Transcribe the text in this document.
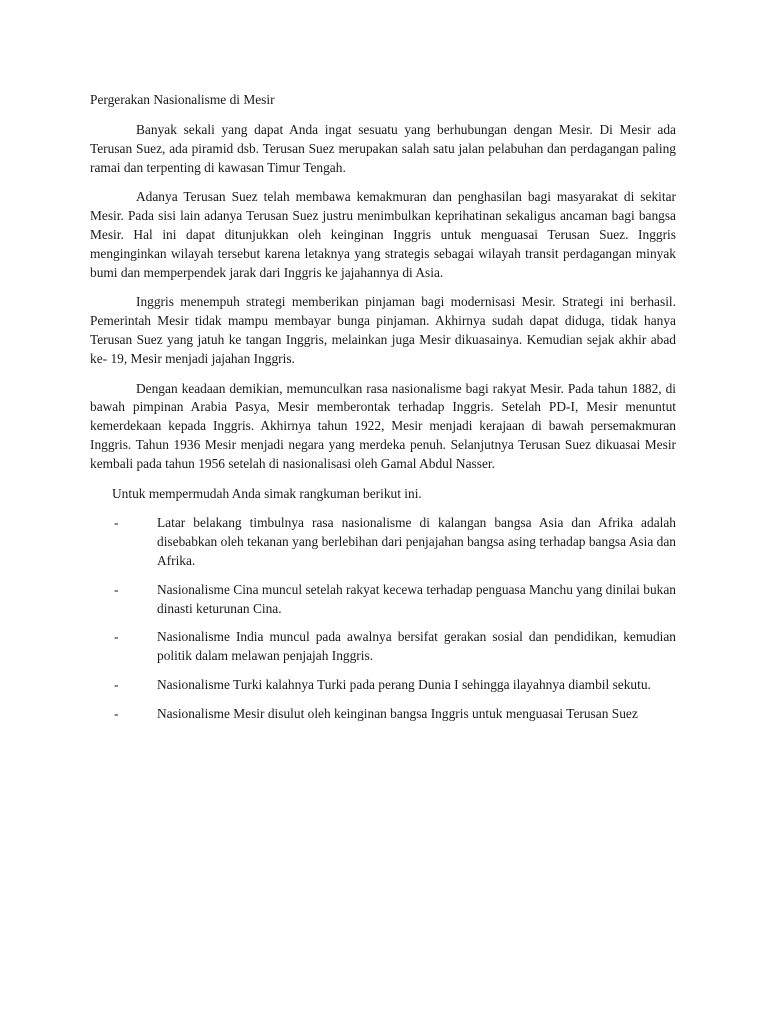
Pergerakan Nasionalisme di Mesir

Banyak sekali yang dapat Anda ingat sesuatu yang berhubungan dengan Mesir. Di Mesir ada Terusan Suez, ada piramid dsb. Terusan Suez merupakan salah satu jalan pelabuhan dan perdagangan paling ramai dan terpenting di kawasan Timur Tengah.

Adanya Terusan Suez telah membawa kemakmuran dan penghasilan bagi masyarakat di sekitar Mesir. Pada sisi lain adanya Terusan Suez justru menimbulkan keprihatinan sekaligus ancaman bagi bangsa Mesir. Hal ini dapat ditunjukkan oleh keinginan Inggris untuk menguasai Terusan Suez. Inggris menginginkan wilayah tersebut karena letaknya yang strategis sebagai wilayah transit perdagangan minyak bumi dan memperpendek jarak dari Inggris ke jajahannya di Asia.

Inggris menempuh strategi memberikan pinjaman bagi modernisasi Mesir. Strategi ini berhasil. Pemerintah Mesir tidak mampu membayar bunga pinjaman. Akhirnya sudah dapat diduga, tidak hanya Terusan Suez yang jatuh ke tangan Inggris, melainkan juga Mesir dikuasainya. Kemudian sejak akhir abad ke- 19, Mesir menjadi jajahan Inggris.

Dengan keadaan demikian, memunculkan rasa nasionalisme bagi rakyat Mesir. Pada tahun 1882, di bawah pimpinan Arabia Pasya, Mesir memberontak terhadap Inggris. Setelah PD-I, Mesir menuntut kemerdekaan kepada Inggris. Akhirnya tahun 1922, Mesir menjadi kerajaan di bawah persemakmuran Inggris. Tahun 1936 Mesir menjadi negara yang merdeka penuh. Selanjutnya Terusan Suez dikuasai Mesir kembali pada tahun 1956 setelah di nasionalisasi oleh Gamal Abdul Nasser.

Untuk mempermudah Anda simak rangkuman berikut ini.

-	Latar belakang timbulnya rasa nasionalisme di kalangan bangsa Asia dan Afrika adalah disebabkan oleh tekanan yang berlebihan dari penjajahan bangsa asing terhadap bangsa Asia dan Afrika.
-	Nasionalisme Cina muncul setelah rakyat kecewa terhadap penguasa Manchu yang dinilai bukan dinasti keturunan Cina.
-	Nasionalisme India muncul pada awalnya bersifat gerakan sosial dan pendidikan, kemudian politik dalam melawan penjajah Inggris.
-	Nasionalisme Turki kalahnya Turki pada perang Dunia I sehingga ilayahnya diambil sekutu.
-	Nasionalisme Mesir disulut oleh keinginan bangsa Inggris untuk menguasai Terusan Suez
